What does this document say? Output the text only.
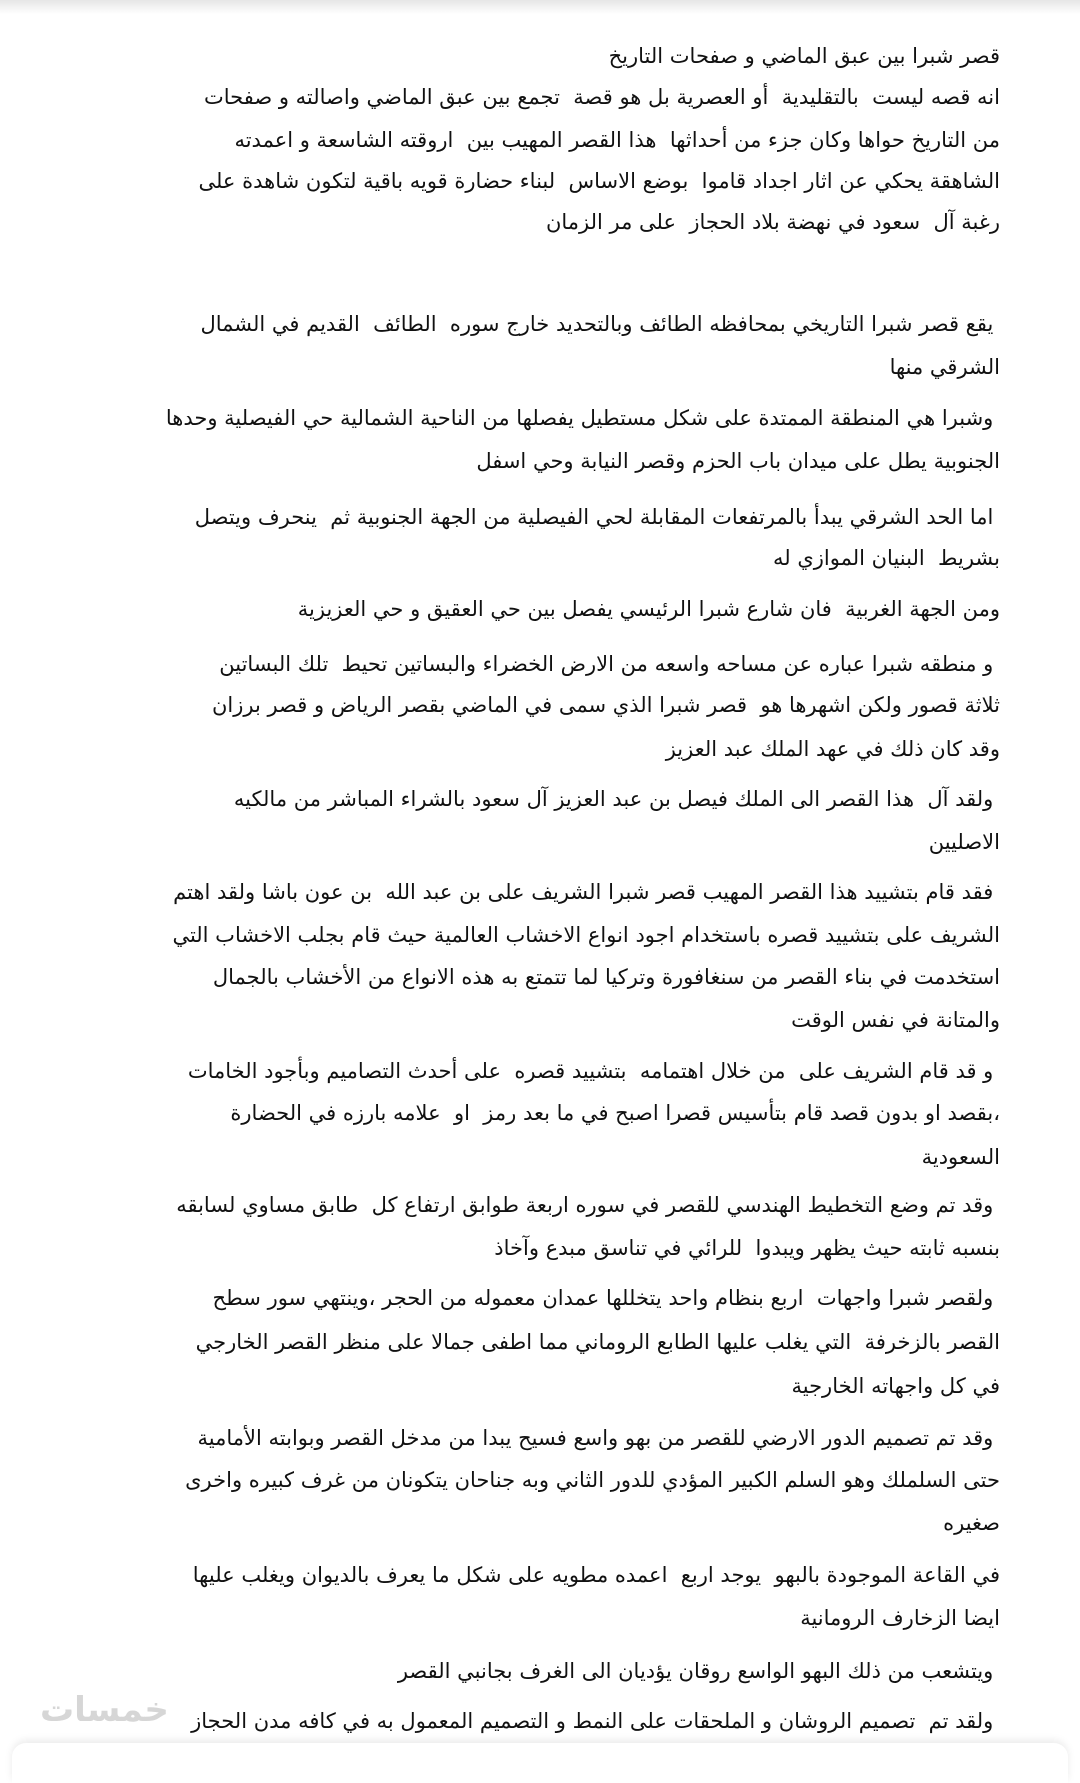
قصر شبرا بين عبق الماضي و صفحات التاريخ
انه قصه ليست  بالتقليدية  أو العصرية بل هو قصة  تجمع بين عبق الماضي واصالته و صفحات
من التاريخ حواها وكان جزء من أحداثها  هذا القصر المهيب بين  اروقته الشاسعة و اعمدته
الشاهقة يحكي عن اثار اجداد قاموا  بوضع الاساس  لبناء حضارة قويه باقية لتكون شاهدة على
رغبة آل  سعود في نهضة بلاد الحجاز  على مر الزمان
يقع قصر شبرا التاريخي بمحافظه الطائف وبالتحديد خارج سوره  الطائف  القديم في الشمال
الشرقي منها
وشبرا هي المنطقة الممتدة على شكل مستطيل يفصلها من الناحية الشمالية حي الفيصلية وحدها
الجنوبية يطل على ميدان باب الحزم وقصر النيابة وحي اسفل
اما الحد الشرقي يبدأ بالمرتفعات المقابلة لحي الفيصلية من الجهة الجنوبية ثم  ينحرف ويتصل
بشريط  البنيان الموازي له
ومن الجهة الغربية  فان شارع شبرا الرئيسي يفصل بين حي العقيق و حي العزيزية
و منطقه شبرا عباره عن مساحه واسعه من الارض الخضراء والبساتين تحيط  تلك البساتين
ثلاثة قصور ولكن اشهرها هو  قصر شبرا الذي سمى في الماضي بقصر الرياض و قصر برزان
وقد كان ذلك في عهد الملك عبد العزيز
ولقد آل  هذا القصر الى الملك فيصل بن عبد العزيز آل سعود بالشراء المباشر من مالكيه
الاصليين
فقد قام بتشييد هذا القصر المهيب قصر شبرا الشريف على بن عبد الله  بن عون باشا ولقد اهتم
الشريف على بتشييد قصره باستخدام اجود انواع الاخشاب العالمية حيث قام بجلب الاخشاب التي
استخدمت في بناء القصر من سنغافورة وتركيا لما تتمتع به هذه الانواع من الأخشاب بالجمال
والمتانة في نفس الوقت
و قد قام الشريف على  من خلال اهتمامه  بتشييد قصره  على أحدث التصاميم وبأجود الخامات
،بقصد او بدون قصد قام بتأسيس قصرا اصبح في ما بعد رمز  او  علامه بارزه في الحضارة
السعودية
وقد تم وضع التخطيط الهندسي للقصر في سوره اربعة طوابق ارتفاع كل  طابق مساوي لسابقه
بنسبه ثابته حيث يظهر ويبدوا  للرائي في تناسق مبدع وآخاذ
ولقصر شبرا واجهات  اربع بنظام واحد يتخللها عمدان معموله من الحجر ،وينتهي سور سطح
القصر بالزخرفة  التي يغلب عليها الطابع الروماني مما اطفى جمالا على منظر القصر الخارجي
في كل واجهاته الخارجية
وقد تم تصميم الدور الارضي للقصر من بهو واسع فسيح يبدا من مدخل القصر وبوابته الأمامية
حتى السلملك وهو السلم الكبير المؤدي للدور الثاني وبه جناحان يتكونان من غرف كبيره واخرى
صغيره
في القاعة الموجودة بالبهو  يوجد اربع  اعمده مطويه على شكل ما يعرف بالديوان ويغلب عليها
ايضا الزخارف الرومانية
ويتشعب من ذلك البهو الواسع روقان يؤديان الى الغرف بجانبي القصر
ولقد تم  تصميم الروشان و الملحقات على النمط و التصميم المعمول به في كافه مدن الحجاز
خمسات
